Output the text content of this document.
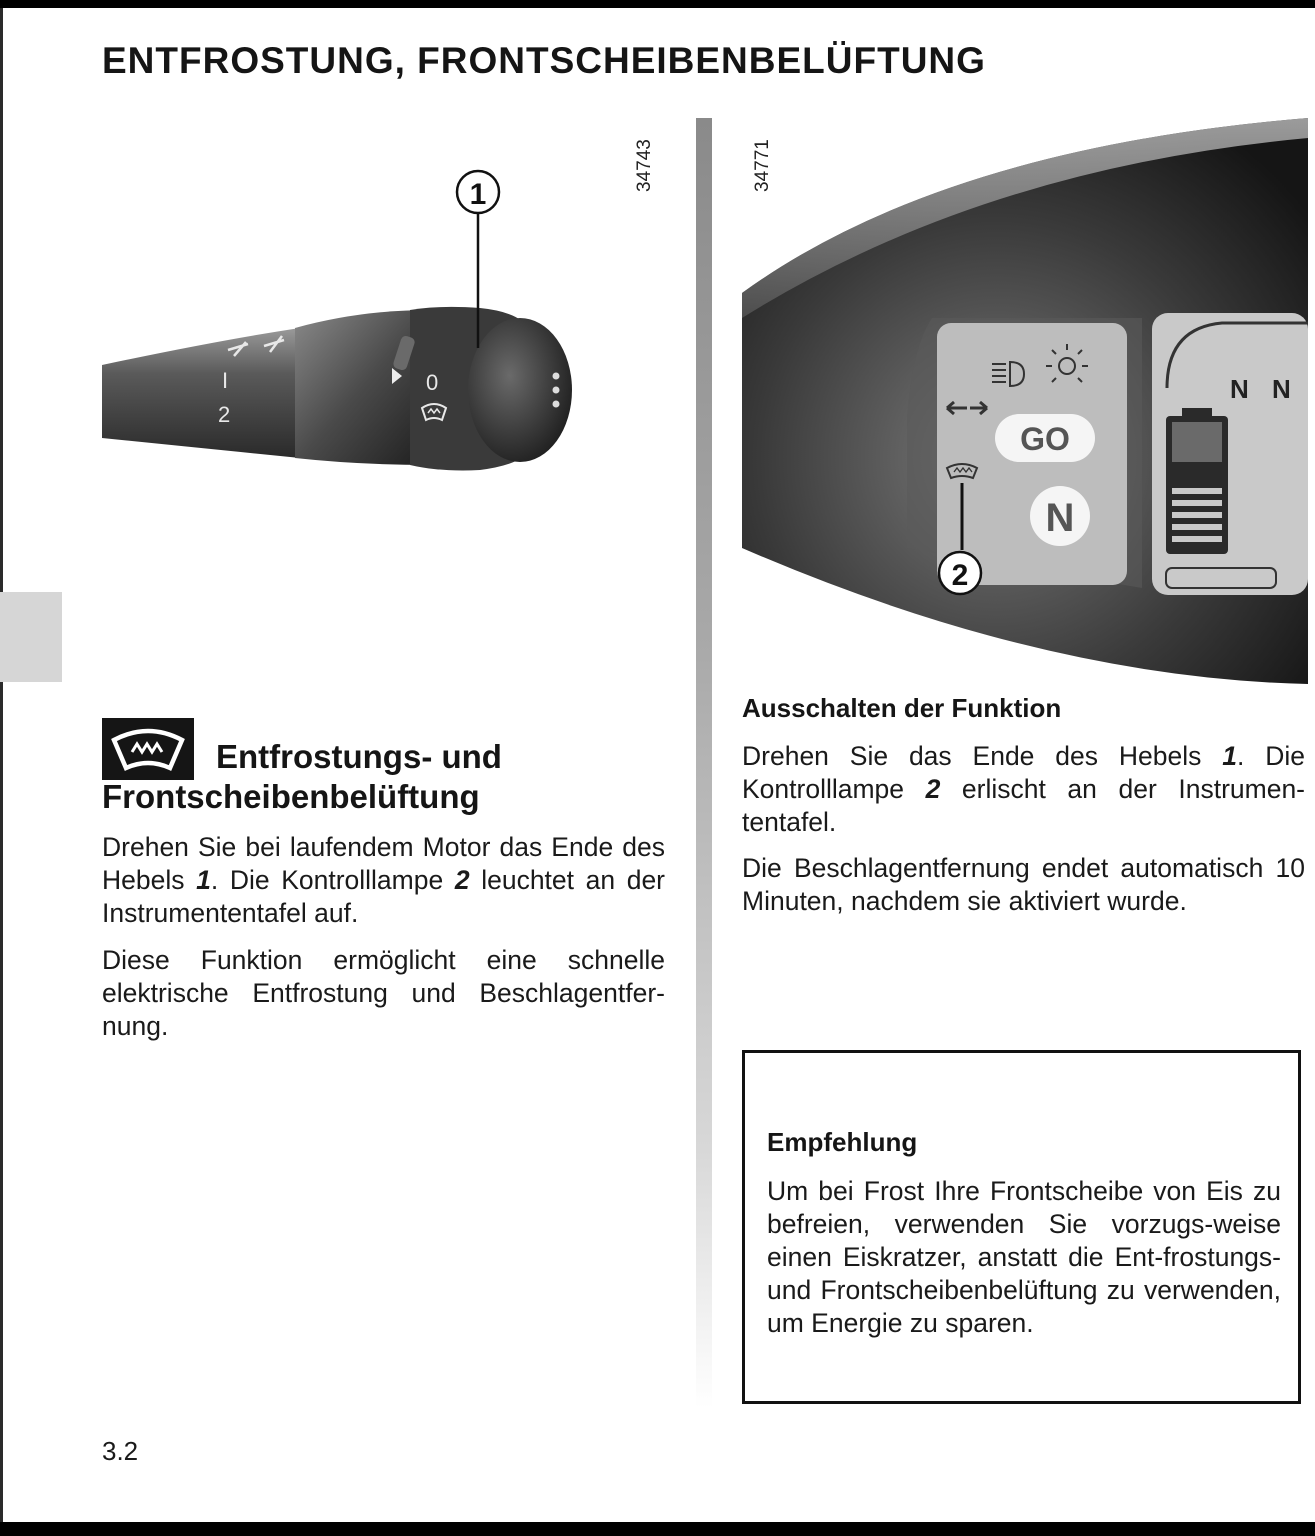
ENTFROSTUNG, FRONTSCHEIBENBELÜFTUNG
34743	34771
I
2
0
1
N N
GO
N
2
Entfrostungs- und
Frontscheibenbelüftung

Drehen Sie bei laufendem Motor das Ende des Hebels 1. Die Kontrolllampe 2 leuchtet an der Instrumententafel auf.

Diese Funktion ermöglicht eine schnelle elektrische Entfrostung und Beschlagentfer-nung.

Ausschalten der Funktion

Drehen Sie das Ende des Hebels 1. Die Kontrolllampe 2 erlischt an der Instrumen-tentafel.

Die Beschlagentfernung endet automatisch 10 Minuten, nachdem sie aktiviert wurde.

Empfehlung

Um bei Frost Ihre Frontscheibe von Eis zu befreien, verwenden Sie vorzugs-weise einen Eiskratzer, anstatt die Ent-frostungs- und Frontscheibenbelüftung zu verwenden, um Energie zu sparen.

3.2
